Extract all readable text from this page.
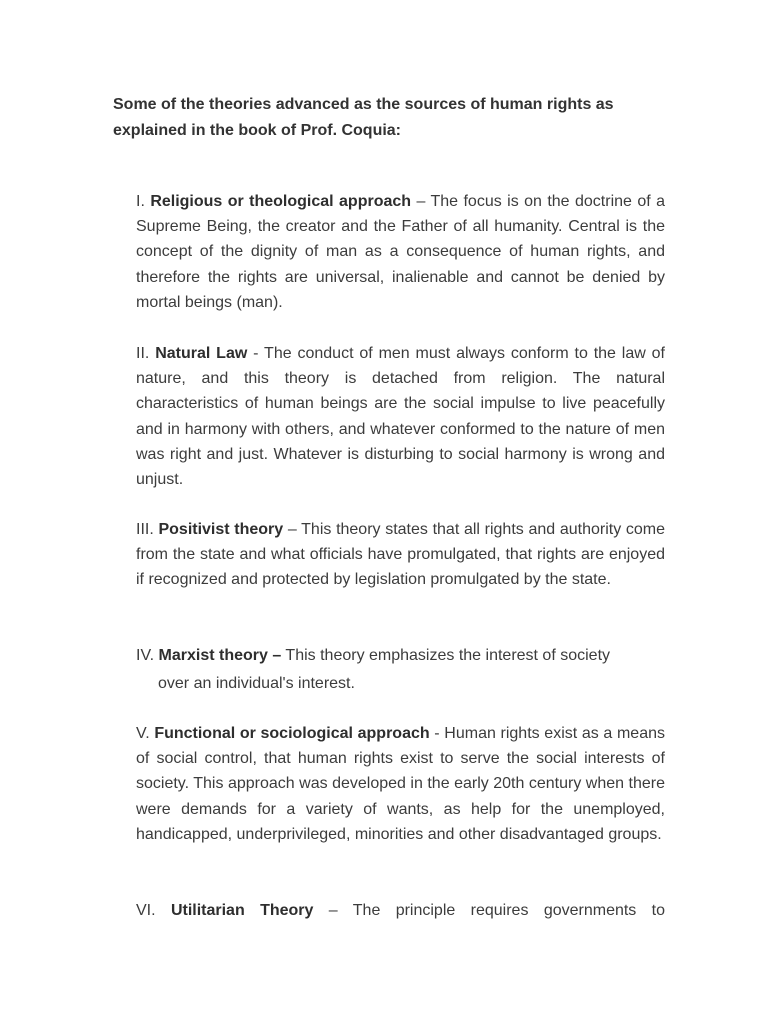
Some of the theories advanced as the sources of human rights as explained in the book of Prof. Coquia:

I. Religious or theological approach – The focus is on the doctrine of a Supreme Being, the creator and the Father of all humanity. Central is the concept of the dignity of man as a consequence of human rights, and therefore the rights are universal, inalienable and cannot be denied by mortal beings (man).

II. Natural Law - The conduct of men must always conform to the law of nature, and this theory is detached from religion. The natural characteristics of human beings are the social impulse to live peacefully and in harmony with others, and whatever conformed to the nature of men was right and just. Whatever is disturbing to social harmony is wrong and unjust.

III. Positivist theory – This theory states that all rights and authority come from the state and what officials have promulgated, that rights are enjoyed if recognized and protected by legislation promulgated by the state.

IV. Marxist theory – This theory emphasizes the interest of society
over an individual's interest.

V. Functional or sociological approach - Human rights exist as a means of social control, that human rights exist to serve the social interests of society. This approach was developed in the early 20th century when there were demands for a variety of wants, as help for the unemployed, handicapped, underprivileged, minorities and other disadvantaged groups.

VI. Utilitarian Theory – The principle requires governments to
